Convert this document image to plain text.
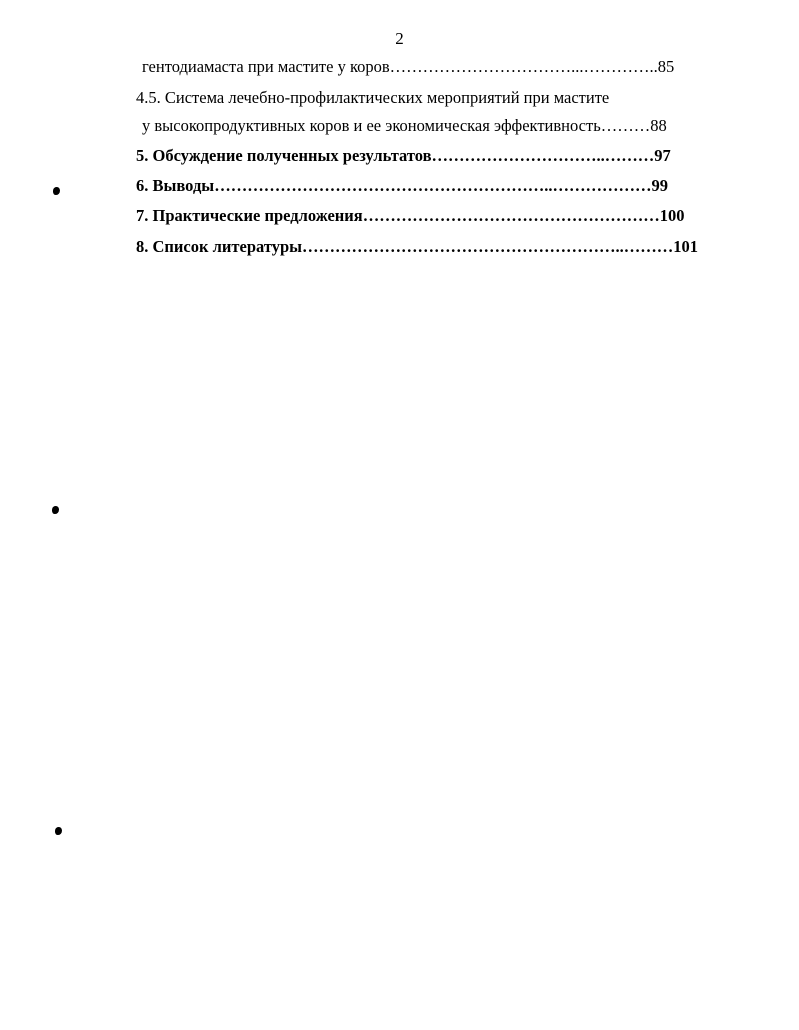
2
гентодиамаста при мастите у коров……………………………...…………..85
4.5. Система лечебно-профилактических мероприятий при мастите
у высокопродуктивных коров и ее экономическая эффективность………88
5. Обсуждение полученных результатов…………………………..………97
6. Выводы……………………………………………………..………………99
7. Практические предложения………………………………………………100
8. Список литературы…………………………………………………..………101
